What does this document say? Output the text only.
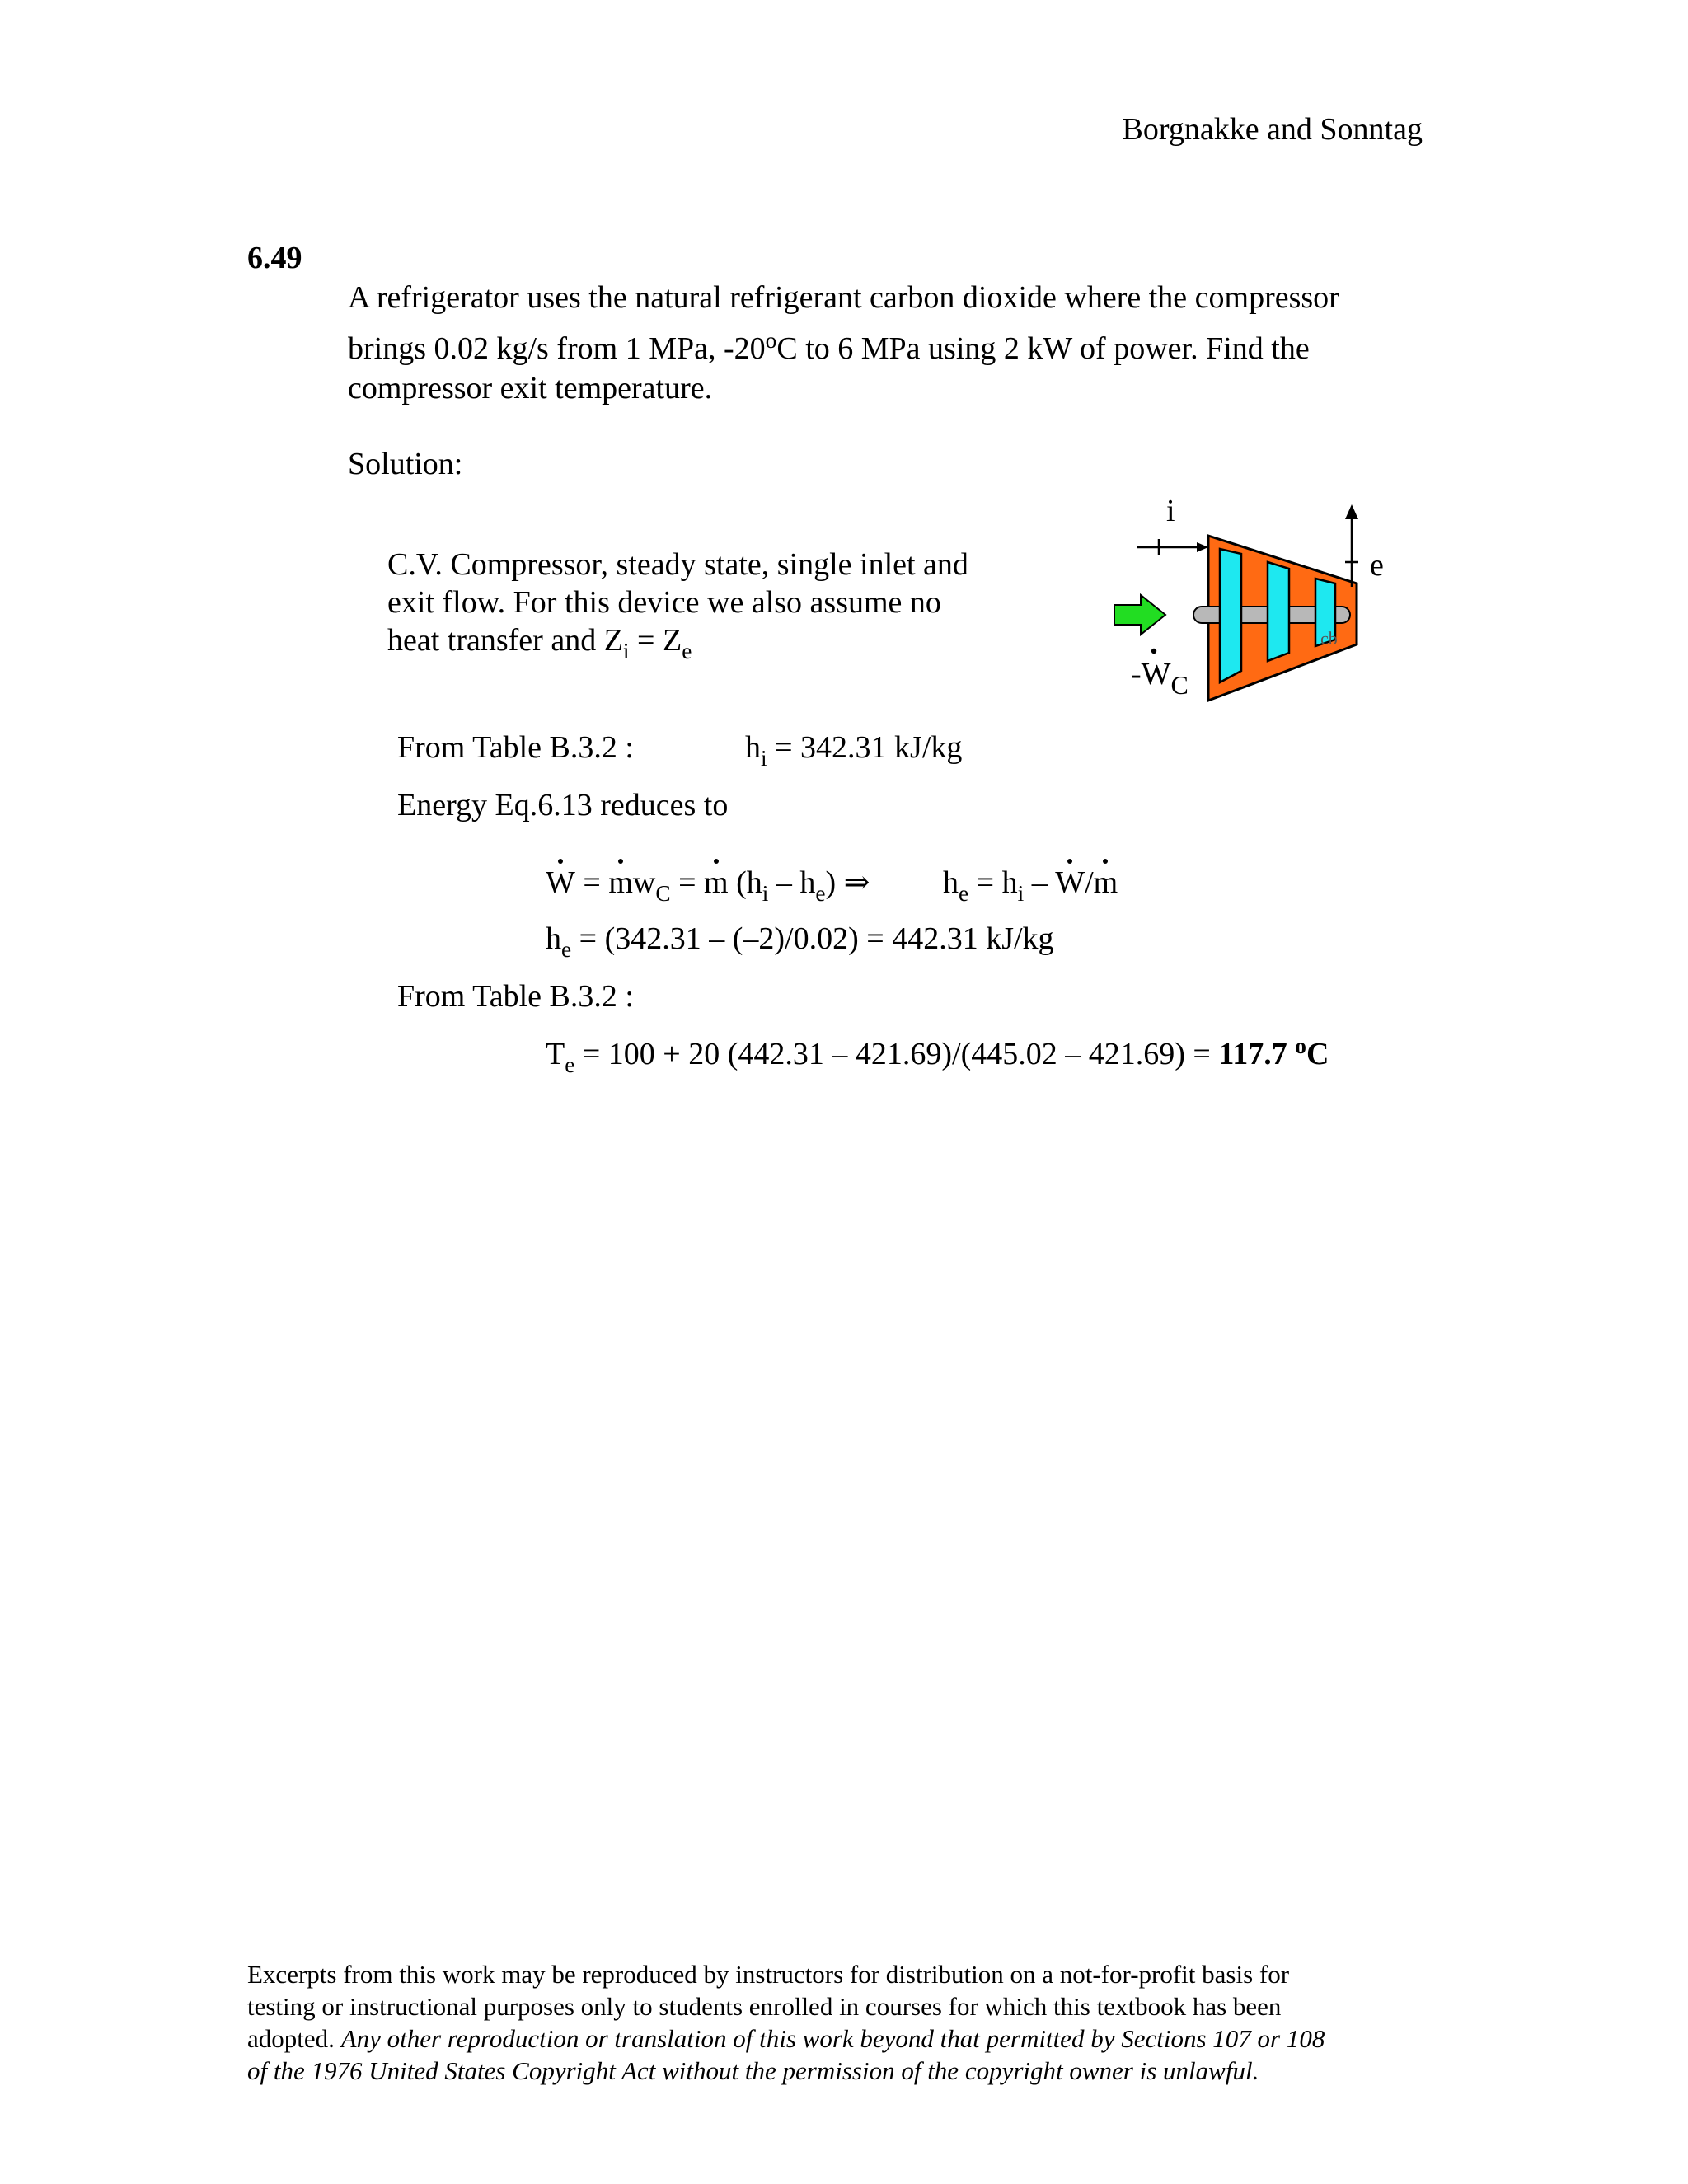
Borgnakke and Sonntag
6.49
A refrigerator uses the natural refrigerant carbon dioxide where the compressor
brings 0.02 kg/s from 1 MPa, -20$^o$C to 6 MPa using 2 kW of power. Find the
compressor exit temperature.
Solution:
C.V. Compressor, steady state, single inlet and
exit flow. For this device we also assume no
heat transfer and $Z_i = Z_e$
i
cb
e
$-W_C$
From Table B.3.2 :	$h_i = 342.31$ kJ/kg
Energy Eq.6.13 reduces to
$W = mw_C = m$ $(h_i - h_e)$ ⇒ $h_e = h_i - W/m$
$h_e = (342.31 - (-2)/0.02) = 442.31$ kJ/kg
From Table B.3.2 :
$T_e = 100 + 20$ (442.31 – 421.69)/(445.02 – 421.69) = 117.7 $^o$C
Excerpts from this work may be reproduced by instructors for distribution on a not-for-profit basis for
testing or instructional purposes only to students enrolled in courses for which this textbook has been
adopted. Any other reproduction or translation of this work beyond that permitted by Sections 107 or 108
of the 1976 United States Copyright Act without the permission of the copyright owner is unlawful.
